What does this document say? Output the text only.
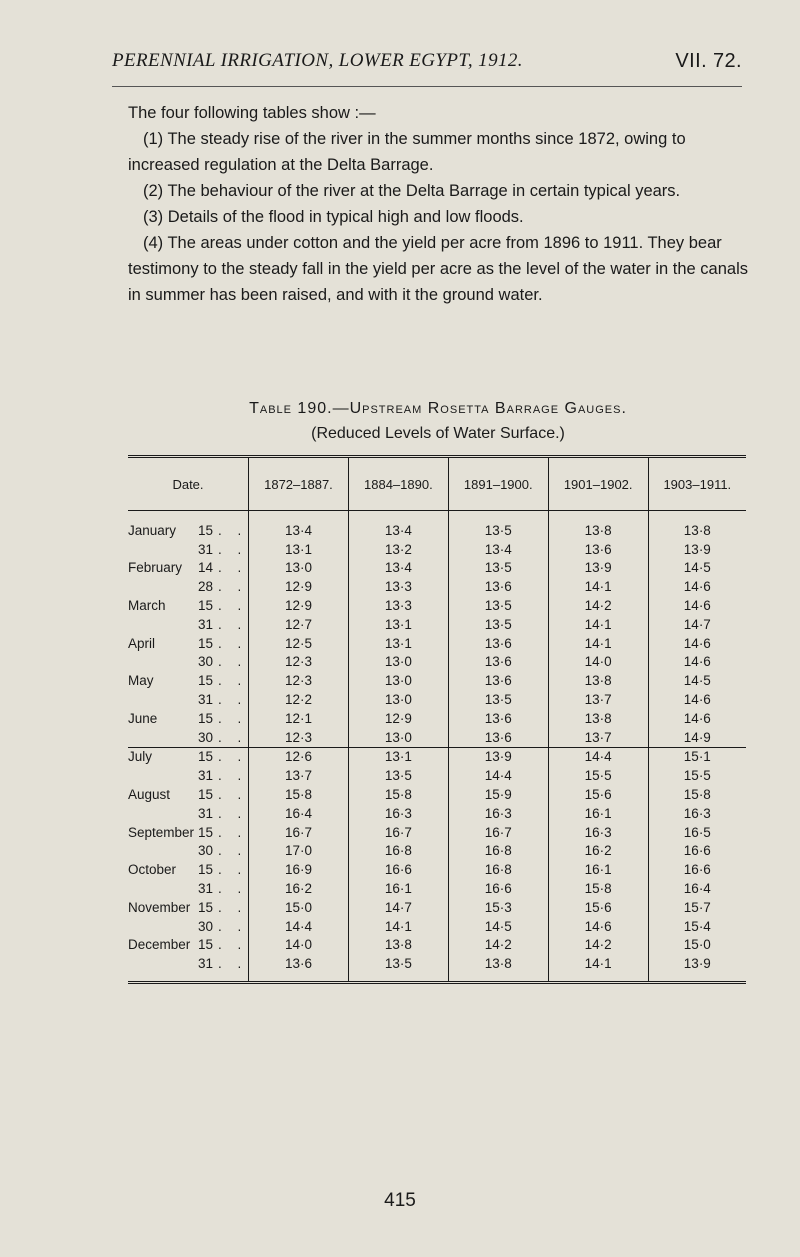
PERENNIAL IRRIGATION, LOWER EGYPT, 1912.	VII. 72.

The four following tables show :—

(1) The steady rise of the river in the summer months since 1872, owing to increased regulation at the Delta Barrage.

(2) The behaviour of the river at the Delta Barrage in certain typical years.

(3) Details of the flood in typical high and low floods.

(4) The areas under cotton and the yield per acre from 1896 to 1911. They bear testimony to the steady fall in the yield per acre as the level of the water in the canals in summer has been raised, and with it the ground water.

Table 190.—Upstream Rosetta Barrage Gauges.
(Reduced Levels of Water Surface.)
Date.	1872–1887.	1884–1890.	1891–1900.	1901–1902.	1903–1911.
January 15 . .	13·4	13·4	13·5	13·8	13·8
31 . .	13·1	13·2	13·4	13·6	13·9
February 14 . .	13·0	13·4	13·5	13·9	14·5
28 . .	12·9	13·3	13·6	14·1	14·6
March 15 . .	12·9	13·3	13·5	14·2	14·6
31 . .	12·7	13·1	13·5	14·1	14·7
April 15 . .	12·5	13·1	13·6	14·1	14·6
30 . .	12·3	13·0	13·6	14·0	14·6
May 15 . .	12·3	13·0	13·6	13·8	14·5
31 . .	12·2	13·0	13·5	13·7	14·6
June 15 . .	12·1	12·9	13·6	13·8	14·6
30 . .	12·3	13·0	13·6	13·7	14·9
July 15 . .	12·6	13·1	13·9	14·4	15·1
31 . .	13·7	13·5	14·4	15·5	15·5
August 15 . .	15·8	15·8	15·9	15·6	15·8
31 . .	16·4	16·3	16·3	16·1	16·3
September 15 . .	16·7	16·7	16·7	16·3	16·5
30 . .	17·0	16·8	16·8	16·2	16·6
October 15 . .	16·9	16·6	16·8	16·1	16·6
31 . .	16·2	16·1	16·6	15·8	16·4
November 15 . .	15·0	14·7	15·3	15·6	15·7
30 . .	14·4	14·1	14·5	14·6	15·4
December 15 . .	14·0	13·8	14·2	14·2	15·0
31 . .	13·6	13·5	13·8	14·1	13·9
415
